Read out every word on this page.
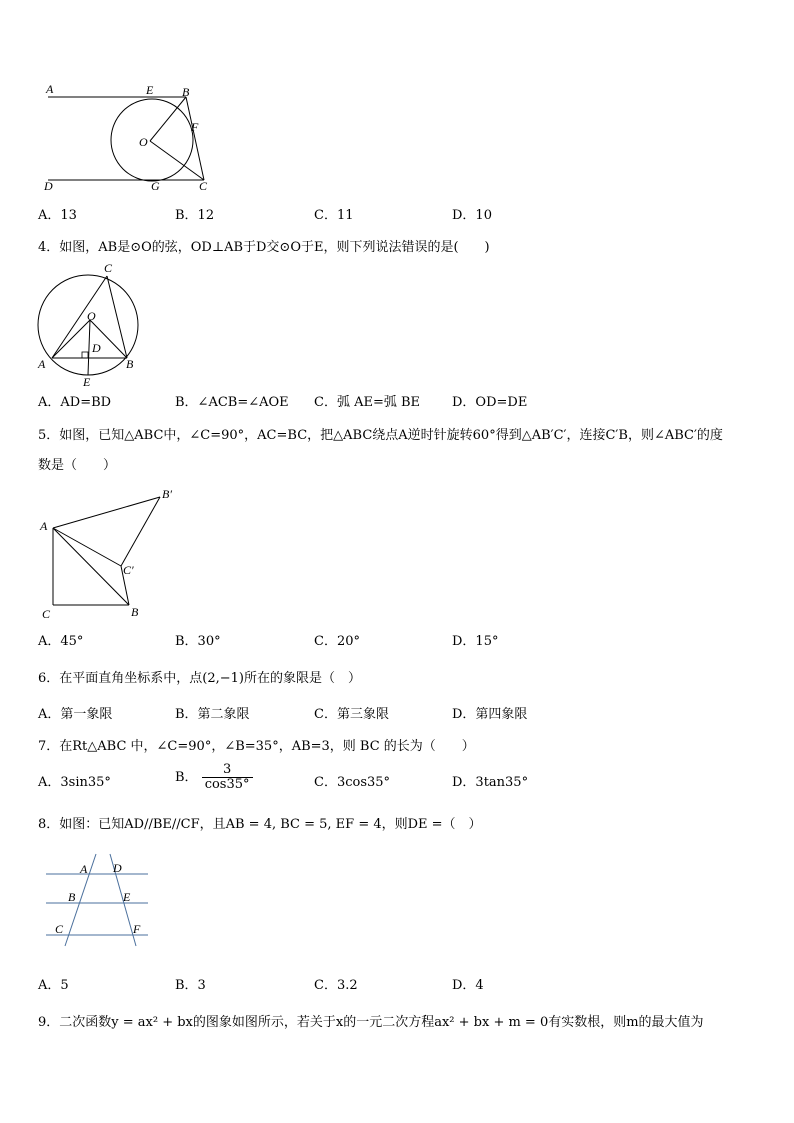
A	E B
F
O
D	G	C
A．13	B．12	C．11	D．10
4．如图，AB是⊙O的弦，OD⊥AB于D交⊙O于E，则下列说法错误的是(　　)
C
O
D
A	B
E
A．AD=BD	B．∠ACB=∠AOE C．弧 AE=弧 BE D．OD=DE
5．如图，已知△ABC中，∠C=90°，AC=BC，把△ABC绕点A逆时针旋转60°得到△AB′C′，连接C′B，则∠ABC′的度
数是（　　）
B′
A
C′
C	B
A．45°	B．30°	C．20°	D．15°
6．在平面直角坐标系中，点(2,−1)所在的象限是（　）
A．第一象限	B．第二象限	C．第三象限	D．第四象限
7．在Rt△ABC 中，∠C=90°，∠B=35°，AB=3，则 BC 的长为（　　）
A．3sin35°	B． $\frac{3}{\cos 35^\circ}$	C．3cos35°	D．3tan35°
8．如图：已知AD//BE//CF，且AB = 4, BC = 5, EF = 4，则DE =（　）
A D
B	E
C	F
A．5	B．3	C．3.2	D．4
9．二次函数y = ax² + bx的图象如图所示，若关于x的一元二次方程ax² + bx + m = 0有实数根，则m的最大值为
